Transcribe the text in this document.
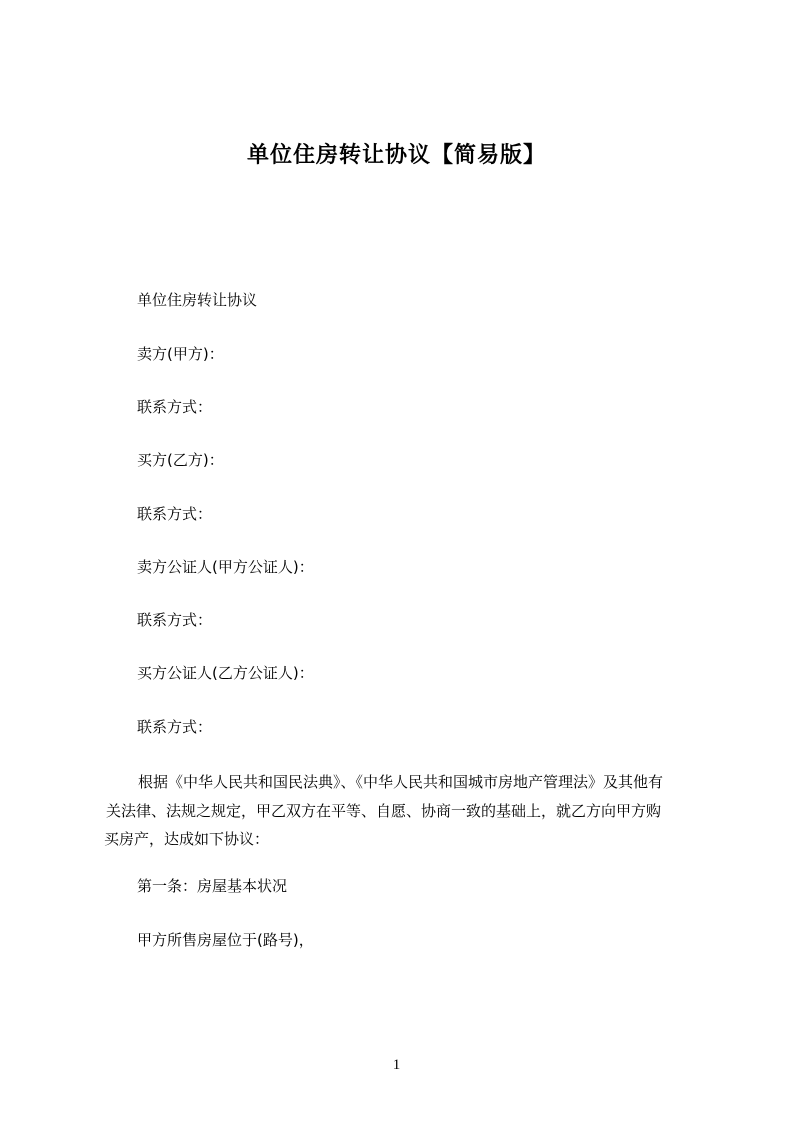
单位住房转让协议【简易版】
单位住房转让协议
卖方(甲方)：
联系方式：
买方(乙方)：
联系方式：
卖方公证人(甲方公证人)：
联系方式：
买方公证人(乙方公证人)：
联系方式：
根据《中华人民共和国民法典》、《中华人民共和国城市房地产管理法》及其他有
关法律、法规之规定，甲乙双方在平等、自愿、协商一致的基础上，就乙方向甲方购
买房产，达成如下协议：
第一条：房屋基本状况
甲方所售房屋位于(路号)，
1
